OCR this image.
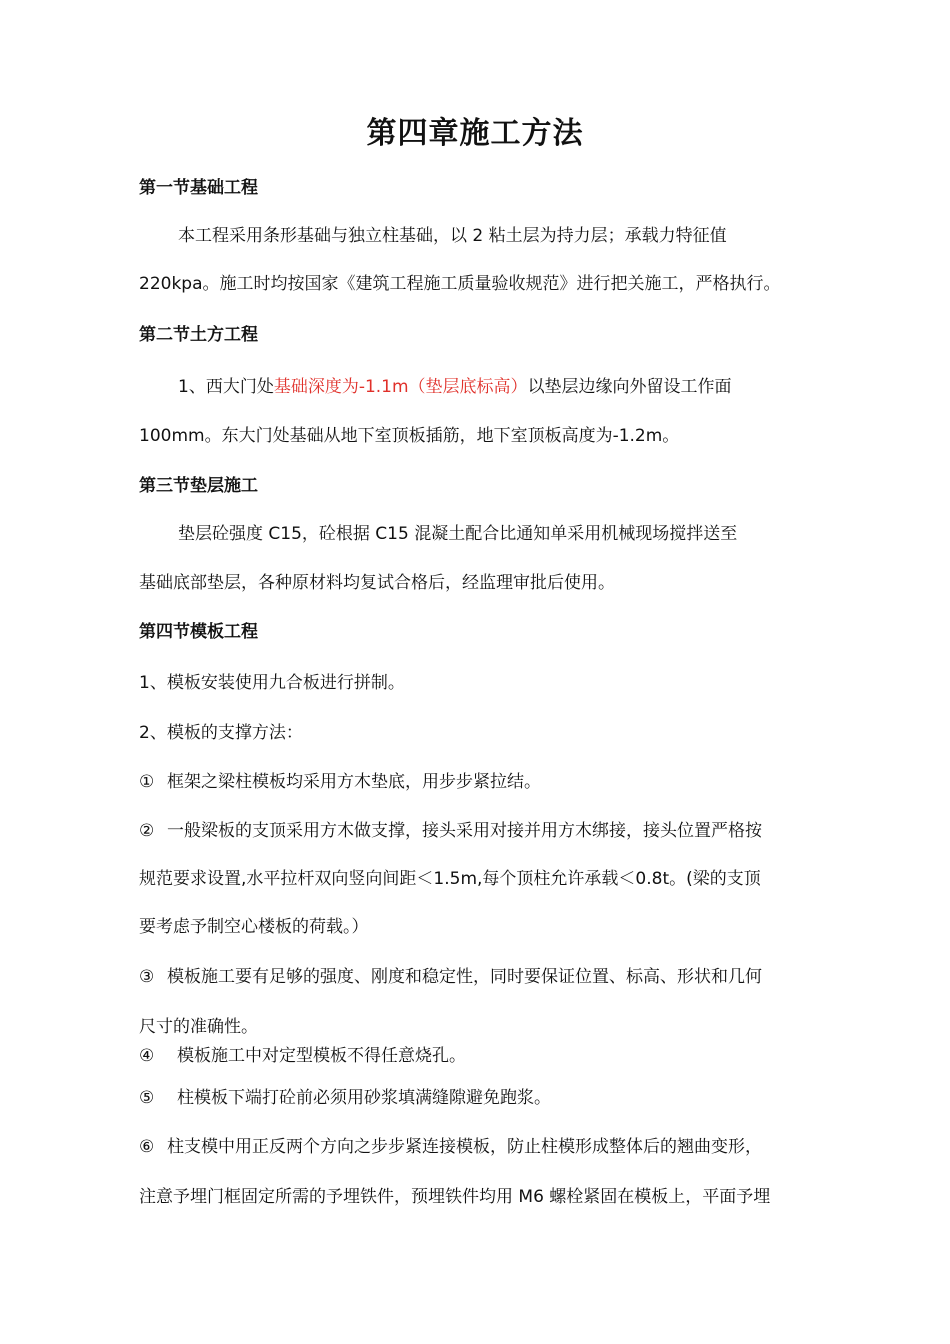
第四章施工方法
第一节基础工程
本工程采用条形基础与独立柱基础，以 2 粘土层为持力层；承载力特征值
220kpa。施工时均按国家《建筑工程施工质量验收规范》进行把关施工，严格执行。
第二节土方工程
1、西大门处基础深度为-1.1m（垫层底标高）以垫层边缘向外留设工作面
100mm。东大门处基础从地下室顶板插筋，地下室顶板高度为-1.2m。
第三节垫层施工
垫层砼强度 C15，砼根据 C15 混凝土配合比通知单采用机械现场搅拌送至
基础底部垫层，各种原材料均复试合格后，经监理审批后使用。
第四节模板工程
1、模板安装使用九合板进行拼制。
2、模板的支撑方法：
① 框架之梁柱模板均采用方木垫底，用步步紧拉结。
② 一般梁板的支顶采用方木做支撑，接头采用对接并用方木绑接，接头位置严格按
规范要求设置,水平拉杆双向竖向间距＜1.5m,每个顶柱允许承载＜0.8t。(梁的支顶
要考虑予制空心楼板的荷载。）
③ 模板施工要有足够的强度、刚度和稳定性，同时要保证位置、标高、形状和几何
尺寸的准确性。
④ 模板施工中对定型模板不得任意烧孔。
⑤ 柱模板下端打砼前必须用砂浆填满缝隙避免跑浆。
⑥ 柱支模中用正反两个方向之步步紧连接模板，防止柱模形成整体后的翘曲变形，
注意予埋门框固定所需的予埋铁件，预埋铁件均用 M6 螺栓紧固在模板上，平面予埋
